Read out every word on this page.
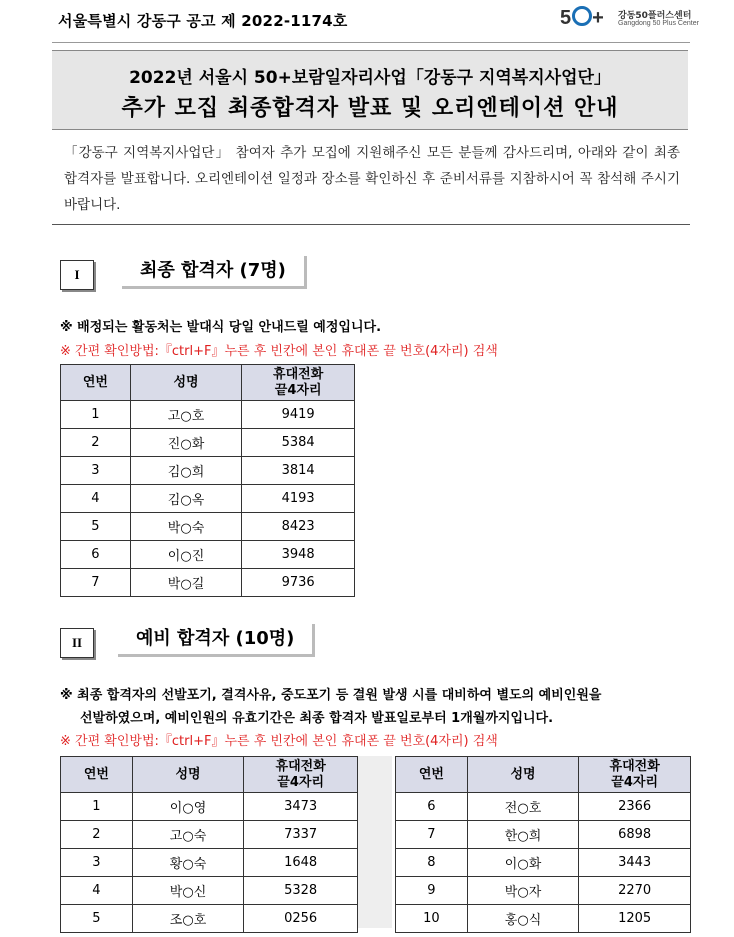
서울특별시 강동구 공고 제 2022-1174호	5 + 강동50플러스센터
Gangdong 50 Plus Center
2022년 서울시 50+보람일자리사업「강동구 지역복지사업단」
추가 모집 최종합격자 발표 및 오리엔테이션 안내
「강동구 지역복지사업단」 참여자 추가 모집에 지원해주신 모든 분들께 감사드리며, 아래와 같이 최종 합격자를 발표합니다. 오리엔테이션 일정과 장소를 확인하신 후 준비서류를 지참하시어 꼭 참석해 주시기 바랍니다.
I	최종 합격자 (7명)
※ 배정되는 활동처는 발대식 당일 안내드릴 예정입니다.
※ 간편 확인방법:『ctrl+F』누른 후 빈칸에 본인 휴대폰 끝 번호(4자리) 검색
연번	성명	휴대전화
끝4자리
1	고○호	9419
2	진○화	5384
3	김○희	3814
4	김○옥	4193
5	박○숙	8423
6	이○진	3948
7	박○길	9736
II	예비 합격자 (10명)
※ 최종 합격자의 선발포기, 결격사유, 중도포기 등 결원 발생 시를 대비하여 별도의 예비인원을
선발하였으며, 예비인원의 유효기간은 최종 합격자 발표일로부터 1개월까지입니다.
※ 간편 확인방법:『ctrl+F』누른 후 빈칸에 본인 휴대폰 끝 번호(4자리) 검색
연번	성명	휴대전화
끝4자리
1	이○영	3473
2	고○숙	7337
3	황○숙	1648
4	박○신	5328
5	조○호	0256
연번	성명	휴대전화
끝4자리
6	전○호	2366
7	한○희	6898
8	이○화	3443
9	박○자	2270
10	홍○식	1205
